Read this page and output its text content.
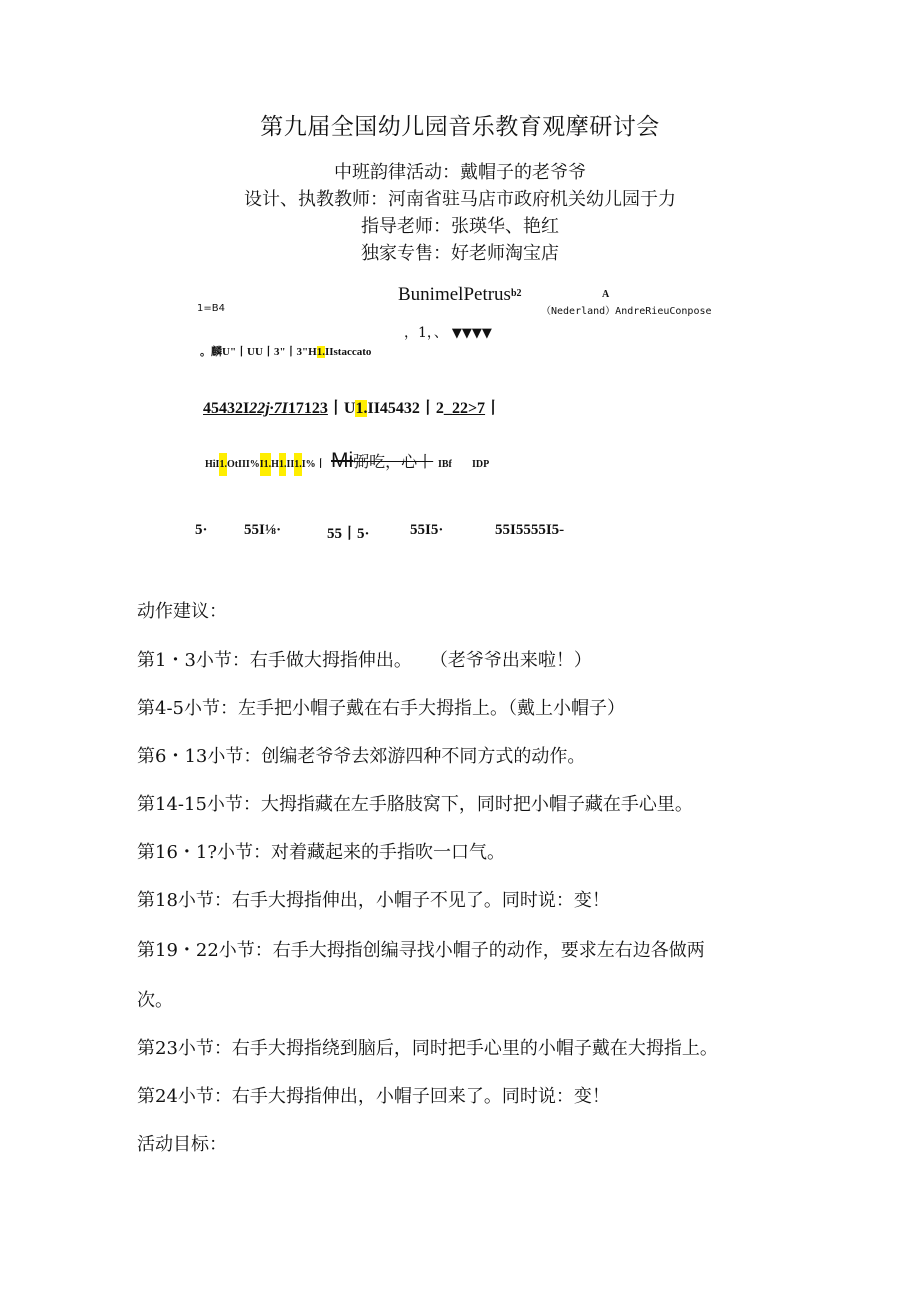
第九届全国幼儿园音乐教育观摩研讨会
中班韵律活动：戴帽子的老爷爷
设计、执教教师：河南省驻马店市政府机关幼儿园于力
指导老师：张瑛华、艳红
独家专售：好老师淘宝店
BunimelPetrus$^{b2}$
1=B4
A
（Nederland）AndreRieuConpose
，1，、 ▼▼▼▼
。麟U"丨UU丨3"丨3"H1.IIstaccato
45432I22j·7I17123丨U1.II45432丨2_22>7丨
HiI1.OtIII%I1.H1.II1.I%丨 Mi弼吃，心丨 IBf IDP
5· 55I⅛·	55丨5·	55I5·	55I5555I5-
动作建议：
第1・3小节：右手做大拇指伸出。　　（老爷爷出来啦！）
第4-5小节：左手把小帽子戴在右手大拇指上。（戴上小帽子）
第6・13小节：创编老爷爷去郊游四种不同方式的动作。
第14-15小节：大拇指藏在左手胳肢窝下，同时把小帽子藏在手心里。
第16・1?小节：对着藏起来的手指吹一口气。
第18小节：右手大拇指伸出，小帽子不见了。同时说：变！
第19・22小节：右手大拇指创编寻找小帽子的动作，要求左右边各做两
次。
第23小节：右手大拇指绕到脑后，同时把手心里的小帽子戴在大拇指上。
第24小节：右手大拇指伸出，小帽子回来了。同时说：变！
活动目标：
